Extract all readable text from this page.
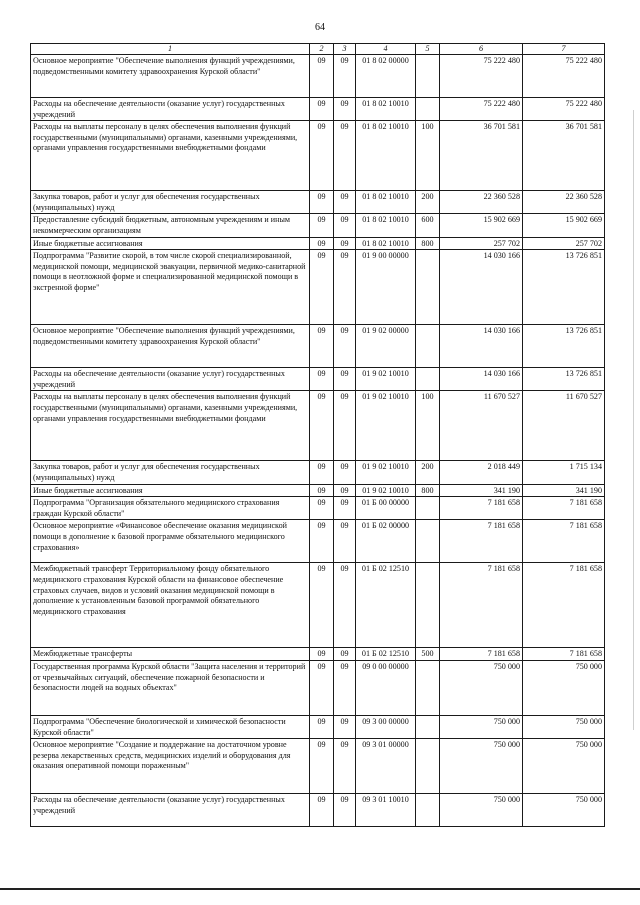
64
1	2	3	4	5	6	7
Основное мероприятие "Обеспечение выполнения функций учреждениями, подведомственными комитету здравоохранения Курской области"	09	09	01 8 02 00000		75 222 480	75 222 480
Расходы на обеспечение деятельности (оказание услуг) государственных учреждений	09	09	01 8 02 10010		75 222 480	75 222 480
Расходы на выплаты персоналу в целях обеспечения выполнения функций государственными (муниципальными) органами, казенными учреждениями, органами управления государственными внебюджетными фондами	09	09	01 8 02 10010	100	36 701 581	36 701 581
Закупка товаров, работ и услуг для обеспечения государственных (муниципальных) нужд	09	09	01 8 02 10010	200	22 360 528	22 360 528
Предоставление субсидий бюджетным, автономным учреждениям и иным некоммерческим организациям	09	09	01 8 02 10010	600	15 902 669	15 902 669
Иные бюджетные ассигнования	09	09	01 8 02 10010	800	257 702	257 702
Подпрограмма "Развитие скорой, в том числе скорой специализированной, медицинской помощи, медицинской эвакуации, первичной медико-санитарной помощи в неотложной форме и специализированной медицинской помощи в экстренной форме"	09	09	01 9 00 00000		14 030 166	13 726 851
Основное мероприятие "Обеспечение выполнения функций учреждениями, подведомственными комитету здравоохранения Курской области"	09	09	01 9 02 00000		14 030 166	13 726 851
Расходы на обеспечение деятельности (оказание услуг) государственных учреждений	09	09	01 9 02 10010		14 030 166	13 726 851
Расходы на выплаты персоналу в целях обеспечения выполнения функций государственными (муниципальными) органами, казенными учреждениями, органами управления государственными внебюджетными фондами	09	09	01 9 02 10010	100	11 670 527	11 670 527
Закупка товаров, работ и услуг для обеспечения государственных (муниципальных) нужд	09	09	01 9 02 10010	200	2 018 449	1 715 134
Иные бюджетные ассигнования	09	09	01 9 02 10010	800	341 190	341 190
Подпрограмма "Организация обязательного медицинского страхования граждан Курской области"	09	09	01 Б 00 00000		7 181 658	7 181 658
Основное мероприятие «Финансовое обеспечение оказания медицинской помощи в дополнение к базовой программе обязательного медицинского страхования»	09	09	01 Б 02 00000		7 181 658	7 181 658
Межбюджетный трансферт Территориальному фонду обязательного медицинского страхования Курской области на финансовое обеспечение страховых случаев, видов и условий оказания медицинской помощи в дополнение к установленным базовой программой обязательного медицинского страхования	09	09	01 Б 02 12510		7 181 658	7 181 658
Межбюджетные трансферты	09	09	01 Б 02 12510	500	7 181 658	7 181 658
Государственная программа Курской области "Защита населения и территорий от чрезвычайных ситуаций, обеспечение пожарной безопасности и безопасности людей на водных объектах"	09	09	09 0 00 00000		750 000	750 000
Подпрограмма "Обеспечение биологической и химической безопасности Курской области"	09	09	09 3 00 00000		750 000	750 000
Основное мероприятие "Создание и поддержание на достаточном уровне резерва лекарственных средств, медицинских изделий и оборудования для оказания оперативной помощи пораженным"	09	09	09 3 01 00000		750 000	750 000
Расходы на обеспечение деятельности (оказание услуг) государственных учреждений	09	09	09 3 01 10010		750 000	750 000
